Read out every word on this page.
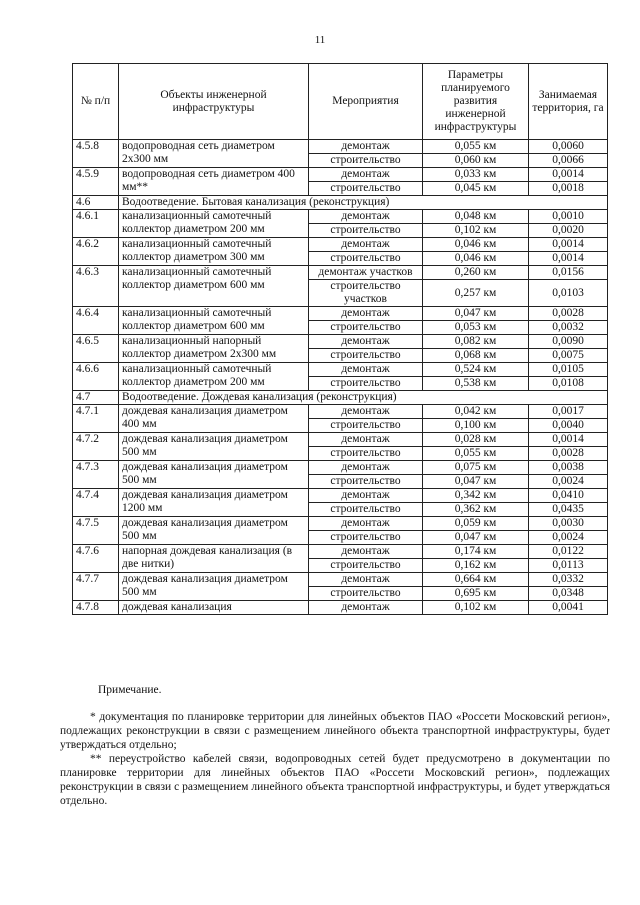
11
№ п/п	Объекты инженерной инфраструктуры	Мероприятия	Параметры планируемого развития инженерной инфраструктуры	Занимаемая территория, га
4.5.8	водопроводная сеть диаметром 2х300 мм	демонтаж	0,055 км	0,0060
		строительство	0,060 км	0,0066
4.5.9	водопроводная сеть диаметром 400 мм**	демонтаж	0,033 км	0,0014
		строительство	0,045 км	0,0018
4.6	Водоотведение. Бытовая канализация (реконструкция)			
4.6.1	канализационный самотечный коллектор диаметром 200 мм	демонтаж	0,048 км	0,0010
		строительство	0,102 км	0,0020
4.6.2	канализационный самотечный коллектор диаметром 300 мм	демонтаж	0,046 км	0,0014
		строительство	0,046 км	0,0014
4.6.3	канализационный самотечный коллектор диаметром 600 мм	демонтаж участков	0,260 км	0,0156
		строительство участков	0,257 км	0,0103
4.6.4	канализационный самотечный коллектор диаметром 600 мм	демонтаж	0,047 км	0,0028
		строительство	0,053 км	0,0032
4.6.5	канализационный напорный коллектор диаметром 2х300 мм	демонтаж	0,082 км	0,0090
		строительство	0,068 км	0,0075
4.6.6	канализационный самотечный коллектор диаметром 200 мм	демонтаж	0,524 км	0,0105
		строительство	0,538 км	0,0108
4.7	Водоотведение. Дождевая канализация (реконструкция)			
4.7.1	дождевая канализация диаметром 400 мм	демонтаж	0,042 км	0,0017
		строительство	0,100 км	0,0040
4.7.2	дождевая канализация диаметром 500 мм	демонтаж	0,028 км	0,0014
		строительство	0,055 км	0,0028
4.7.3	дождевая канализация диаметром 500 мм	демонтаж	0,075 км	0,0038
		строительство	0,047 км	0,0024
4.7.4	дождевая канализация диаметром 1200 мм	демонтаж	0,342 км	0,0410
		строительство	0,362 км	0,0435
4.7.5	дождевая канализация диаметром 500 мм	демонтаж	0,059 км	0,0030
		строительство	0,047 км	0,0024
4.7.6	напорная дождевая канализация (в две нитки)	демонтаж	0,174 км	0,0122
		строительство	0,162 км	0,0113
4.7.7	дождевая канализация диаметром 500 мм	демонтаж	0,664 км	0,0332
		строительство	0,695 км	0,0348
4.7.8	дождевая канализация	демонтаж	0,102 км	0,0041
Примечание.
* документация по планировке территории для линейных объектов ПАО «Россети Московский регион», подлежащих реконструкции в связи с размещением линейного объекта транспортной инфраструктуры, будет утверждаться отдельно;
** переустройство кабелей связи, водопроводных сетей будет предусмотрено в документации по планировке территории для линейных объектов ПАО «Россети Московский регион», подлежащих реконструкции в связи с размещением линейного объекта транспортной инфраструктуры, и будет утверждаться отдельно.
